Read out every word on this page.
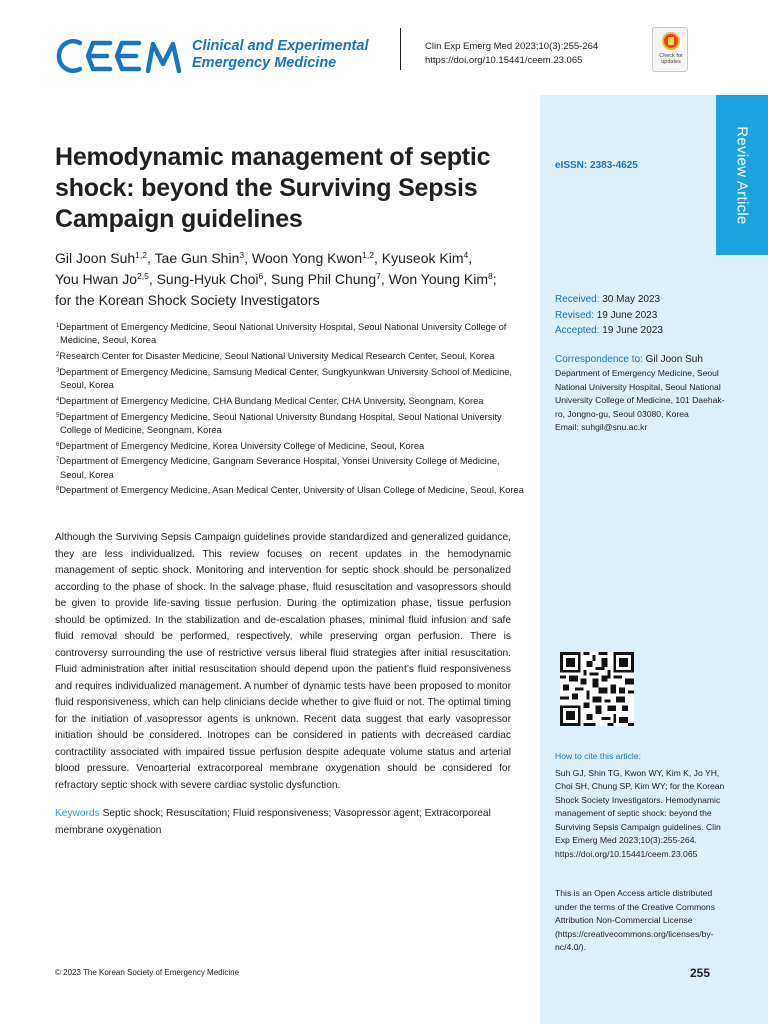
Review Article
Clinical and Experimental
Emergency Medicine
Clin Exp Emerg Med 2023;10(3):255-264
https://doi.org/10.15441/ceem.23.065	Check for
updates
Hemodynamic management of septic shock: beyond the Surviving Sepsis Campaign guidelines
Gil Joon Suh$^{1,2}$, Tae Gun Shin$^3$, Woon Yong Kwon$^{1,2}$, Kyuseok Kim$^4$,
You Hwan Jo$^{2,5}$, Sung-Hyuk Choi$^6$, Sung Phil Chung$^7$, Won Young Kim$^8$;
for the Korean Shock Society Investigators
$^1$Department of Emergency Medicine, Seoul National University Hospital, Seoul National University College of Medicine, Seoul, Korea
$^2$Research Center for Disaster Medicine, Seoul National University Medical Research Center, Seoul, Korea
$^3$Department of Emergency Medicine, Samsung Medical Center, Sungkyunkwan University School of Medicine, Seoul, Korea
$^4$Department of Emergency Medicine, CHA Bundang Medical Center, CHA University, Seongnam, Korea
$^5$Department of Emergency Medicine, Seoul National University Bundang Hospital, Seoul National University College of Medicine, Seongnam, Korea
$^6$Department of Emergency Medicine, Korea University College of Medicine, Seoul, Korea
$^7$Department of Emergency Medicine, Gangnam Severance Hospital, Yonsei University College of Medicine, Seoul, Korea
$^8$Department of Emergency Medicine, Asan Medical Center, University of Ulsan College of Medicine, Seoul, Korea

Although the Surviving Sepsis Campaign guidelines provide standardized and generalized guidance, they are less individualized. This review focuses on recent updates in the hemodynamic management of septic shock. Monitoring and intervention for septic shock should be personalized according to the phase of shock. In the salvage phase, fluid resuscitation and vasopressors should be given to provide life-saving tissue perfusion. During the optimization phase, tissue perfusion should be optimized. In the stabilization and de-escalation phases, minimal fluid infusion and safe fluid removal should be performed, respectively, while preserving organ perfusion. There is controversy surrounding the use of restrictive versus liberal fluid strategies after initial resuscitation. Fluid administration after initial resuscitation should depend upon the patient’s fluid responsiveness and requires individualized management. A number of dynamic tests have been proposed to monitor fluid responsiveness, which can help clinicians decide whether to give fluid or not. The optimal timing for the initiation of vasopressor agents is unknown. Recent data suggest that early vasopressor initiation should be considered. Inotropes can be considered in patients with decreased cardiac contractility associated with impaired tissue perfusion despite adequate volume status and arterial blood pressure. Venoarterial extracorporeal membrane oxygenation should be considered for refractory septic shock with severe cardiac systolic dysfunction.

Keywords Septic shock; Resuscitation; Fluid responsiveness; Vasopressor agent; Extracorporeal membrane oxygenation

eISSN: 2383-4625
Received: 30 May 2023
Revised: 19 June 2023
Accepted: 19 June 2023
Correspondence to: Gil Joon Suh
Department of Emergency Medicine, Seoul National University Hospital, Seoul National University College of Medicine, 101 Daehak-ro, Jongno-gu, Seoul 03080, Korea
Email: suhgil@snu.ac.kr
How to cite this article:
Suh GJ, Shin TG, Kwon WY, Kim K, Jo YH, Choi SH, Chung SP, Kim WY; for the Korean Shock Society Investigators. Hemodynamic management of septic shock: beyond the Surviving Sepsis Campaign guidelines. Clin Exp Emerg Med 2023;10(3):255-264. https://doi.org/10.15441/ceem.23.065
This is an Open Access article distributed under the terms of the Creative Commons Attribution Non-Commercial License (https://creativecommons.org/licenses/by-nc/4.0/).
© 2023 The Korean Society of Emergency Medicine	255
